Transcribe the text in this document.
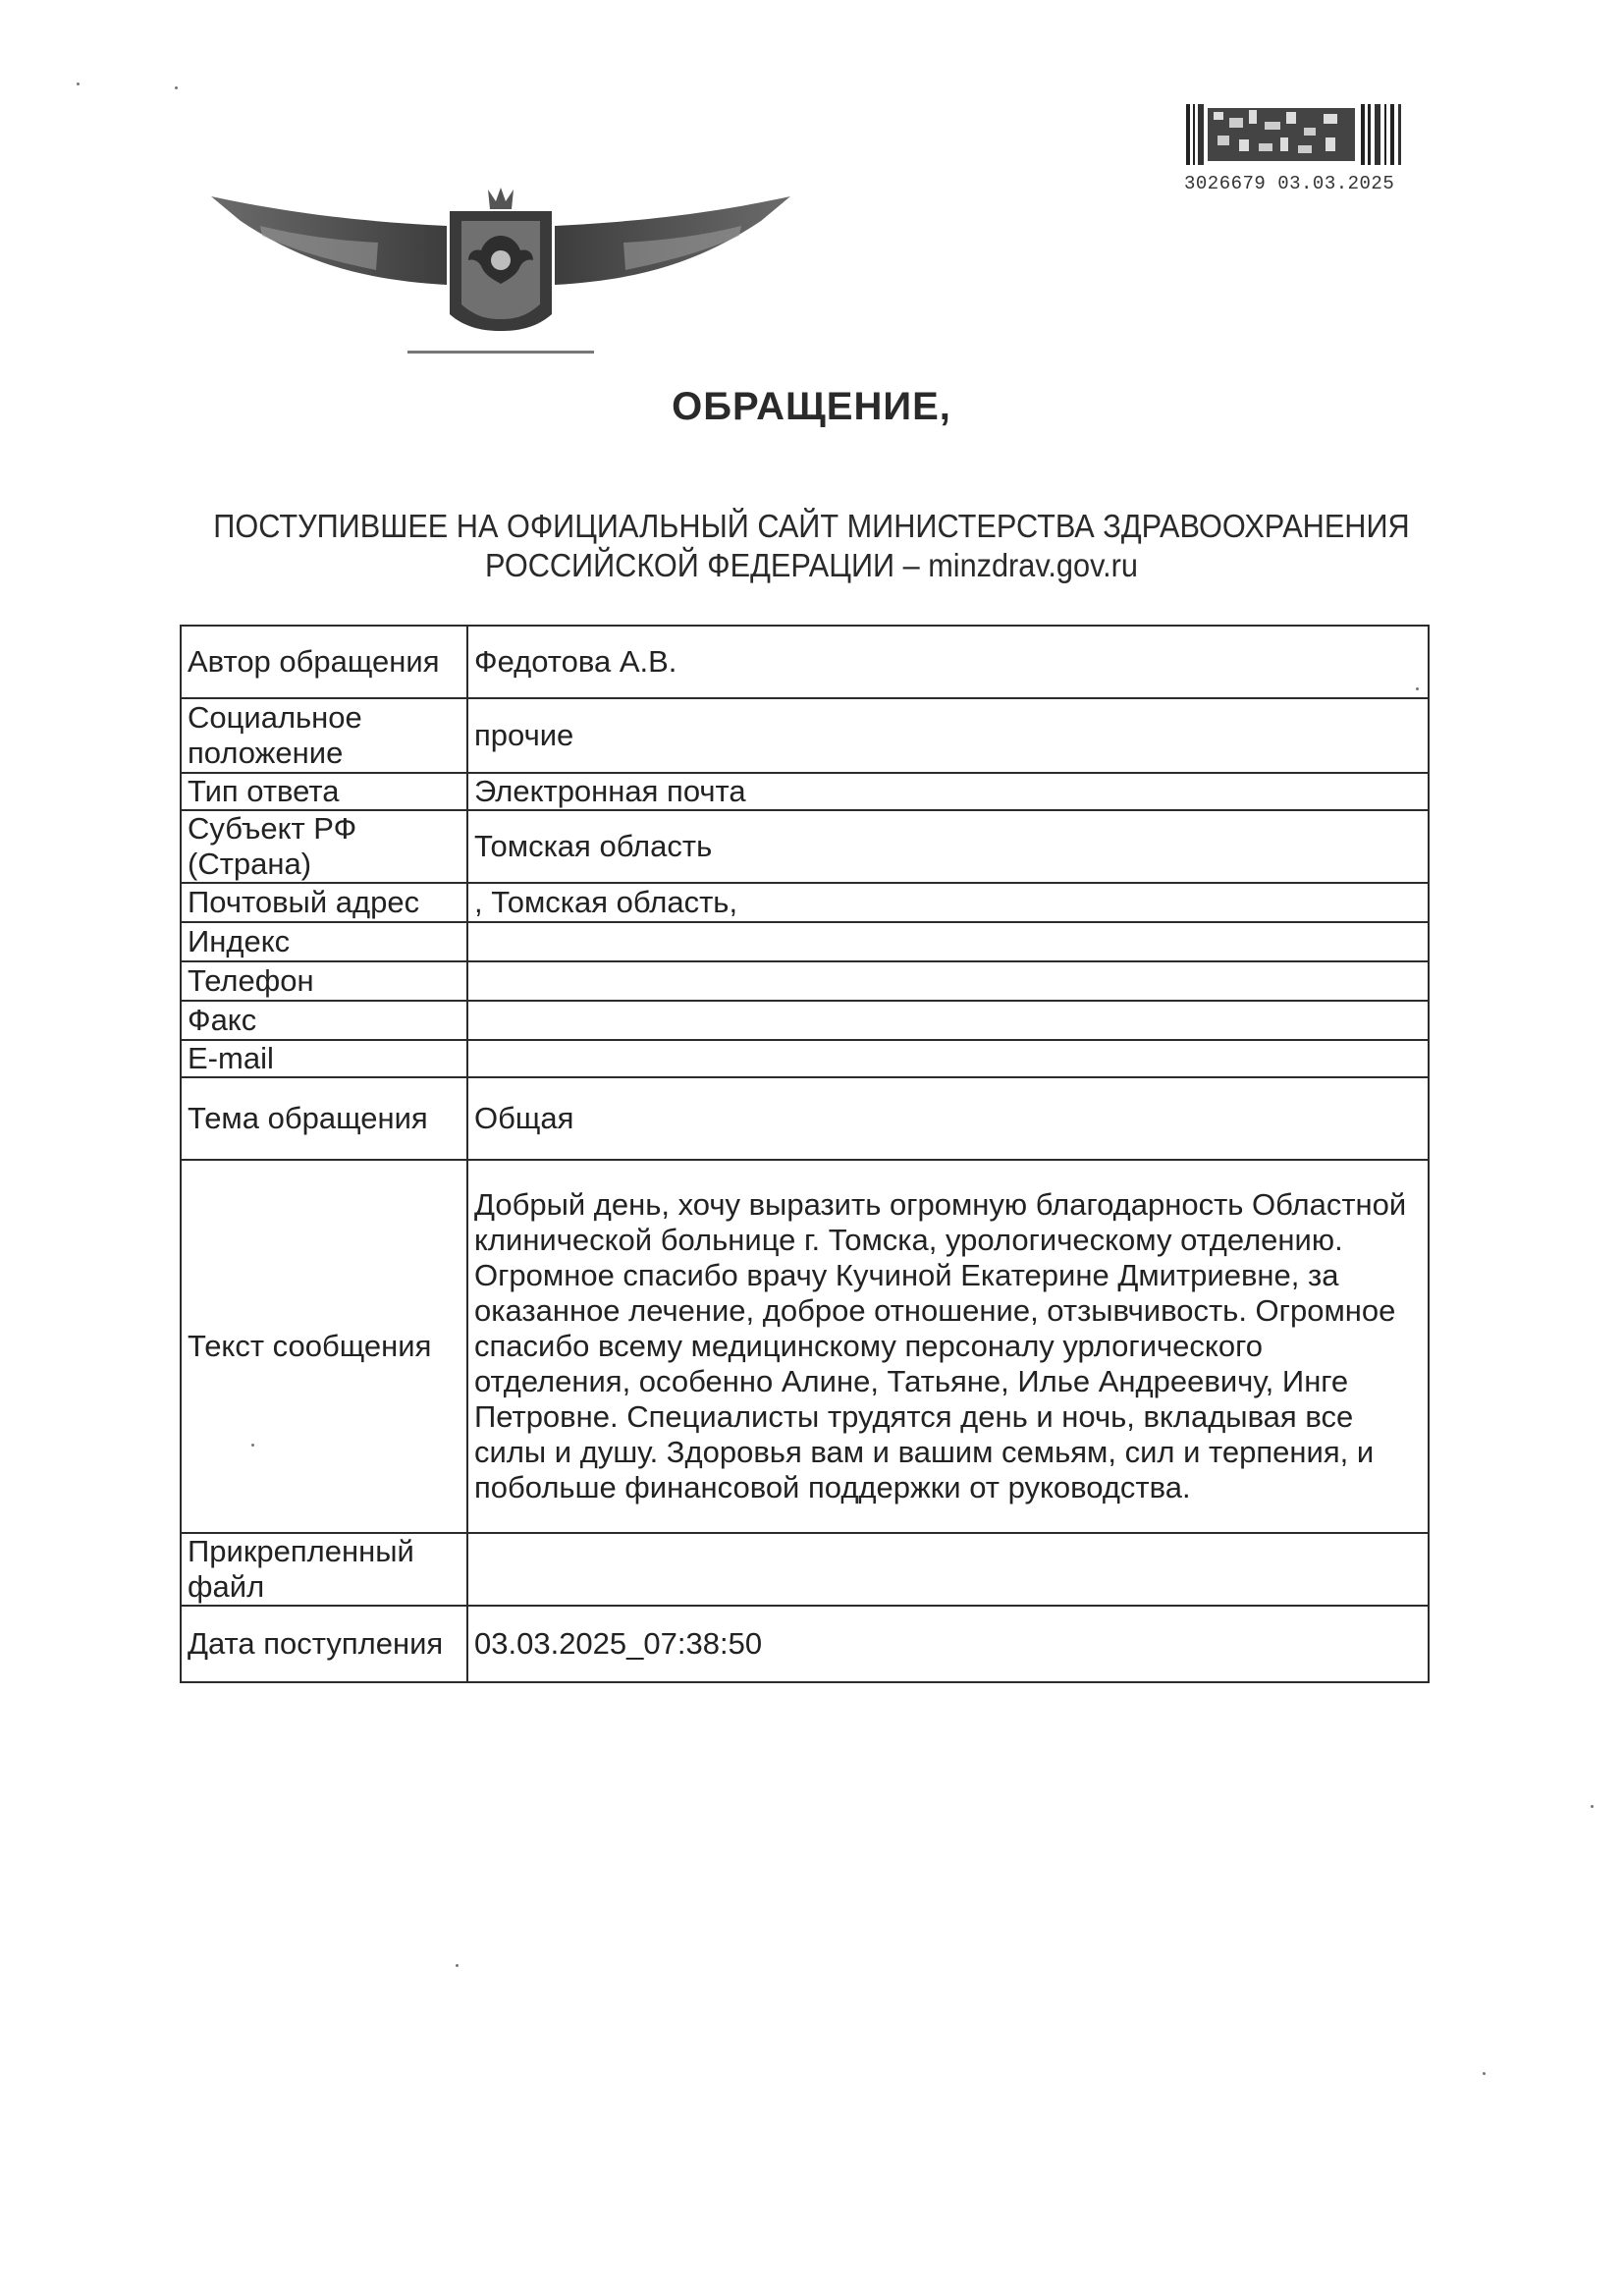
3026679 03.03.2025
ОБРАЩЕНИЕ,
ПОСТУПИВШЕЕ НА ОФИЦИАЛЬНЫЙ САЙТ МИНИСТЕРСТВА ЗДРАВООХРАНЕНИЯ
РОССИЙСКОЙ ФЕДЕРАЦИИ – minzdrav.gov.ru
Автор обращения	Федотова А.В.
Социальное положение	прочие
Тип ответа	Электронная почта
Субъект РФ (Страна)	Томская область
Почтовый адрес	, Томская область,
Индекс	
Телефон	
Факс	
E-mail	
Тема обращения	Общая
Текст сообщения	Добрый день, хочу выразить огромную благодарность Областной клинической больнице г. Томска, урологическому отделению. Огромное спасибо врачу Кучиной Екатерине Дмитриевне, за оказанное лечение, доброе отношение, отзывчивость. Огромное спасибо всему медицинскому персоналу урлогического отделения, особенно Алине, Татьяне, Илье Андреевичу, Инге Петровне. Специалисты трудятся день и ночь, вкладывая все силы и душу. Здоровья вам и вашим семьям, сил и терпения, и побольше финансовой поддержки от руководства.
Прикрепленный файл	
Дата поступления	03.03.2025_07:38:50
